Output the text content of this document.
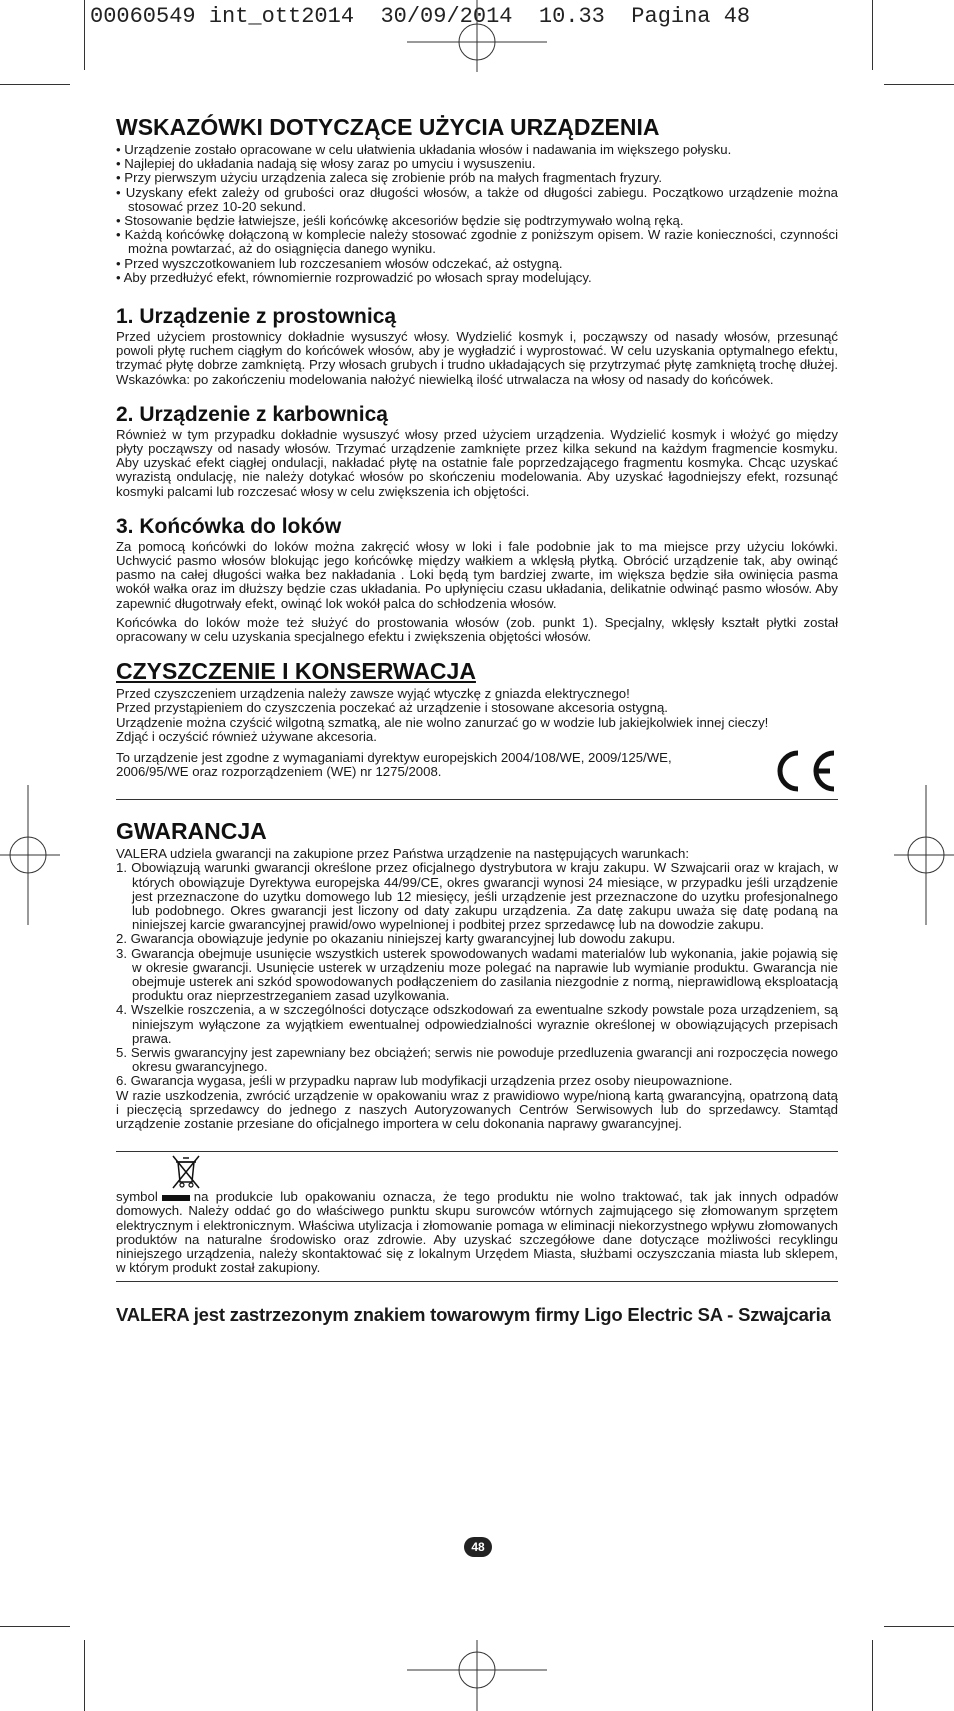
00060549 int_ott2014  30/09/2014  10.33  Pagina 48
WSKAZÓWKI DOTYCZĄCE UŻYCIA URZĄDZENIA
• Urządzenie zostało opracowane w celu ułatwienia układania włosów i nadawania im większego połysku.
• Najlepiej do układania nadają się włosy zaraz po umyciu i wysuszeniu.
• Przy pierwszym użyciu urządzenia zaleca się zrobienie prób na małych fragmentach fryzury.
• Uzyskany efekt zależy od grubości oraz długości włosów, a także od długości zabiegu. Początkowo urządzenie można stosować przez 10-20 sekund.
• Stosowanie będzie łatwiejsze, jeśli końcówkę akcesoriów będzie się podtrzymywało wolną ręką.
• Każdą końcówkę dołączoną w komplecie należy stosować zgodnie z poniższym opisem. W razie konieczności, czynności można powtarzać, aż do osiągnięcia danego wyniku.
• Przed wyszczotkowaniem lub rozczesaniem włosów odczekać, aż ostygną.
• Aby przedłużyć efekt, równomiernie rozprowadzić po włosach spray modelujący.
1. Urządzenie z prostownicą

Przed użyciem prostownicy dokładnie wysuszyć włosy. Wydzielić kosmyk i, począwszy od nasady włosów, przesunąć powoli płytę ruchem ciągłym do końcówek włosów, aby je wygładzić i wyprostować. W celu uzyskania optymalnego efektu, trzymać płytę dobrze zamkniętą. Przy włosach grubych i trudno układających się przytrzymać płytę zamkniętą trochę dłużej. Wskazówka: po zakończeniu modelowania nałożyć niewielką ilość utrwalacza na włosy od nasady do końcówek.

2. Urządzenie z karbownicą

Również w tym przypadku dokładnie wysuszyć włosy przed użyciem urządzenia. Wydzielić kosmyk i włożyć go między płyty począwszy od nasady włosów. Trzymać urządzenie zamknięte przez kilka sekund na każdym fragmencie kosmyku. Aby uzyskać efekt ciągłej ondulacji, nakładać płytę na ostatnie fale poprzedzającego fragmentu kosmyka. Chcąc uzyskać wyrazistą ondulację, nie należy dotykać włosów po skończeniu modelowania. Aby uzyskać łagodniejszy efekt, rozsunąć kosmyki palcami lub rozczesać włosy w celu zwiększenia ich objętości.

3. Końcówka do loków

Za pomocą końcówki do loków można zakręcić włosy w loki i fale podobnie jak to ma miejsce przy użyciu lokówki. Uchwycić pasmo włosów blokując jego końcówkę między wałkiem a wklęsłą płytką. Obrócić urządzenie tak, aby owinąć pasmo na całej długości wałka bez nakładania . Loki będą tym bardziej zwarte, im większa będzie siła owinięcia pasma wokół wałka oraz im dłuższy będzie czas układania. Po upłynięciu czasu układania, delikatnie odwinąć pasmo włosów. Aby zapewnić długotrwały efekt, owinąć lok wokół palca do schłodzenia włosów.

Końcówka do loków może też służyć do prostowania włosów (zob. punkt 1). Specjalny, wklęsły kształt płytki został opracowany w celu uzyskania specjalnego efektu i zwiększenia objętości włosów.

CZYSZCZENIE I KONSERWACJA

Przed czyszczeniem urządzenia należy zawsze wyjąć wtyczkę z gniazda elektrycznego!

Przed przystąpieniem do czyszczenia poczekać aż urządzenie i stosowane akcesoria ostygną.

Urządzenie można czyścić wilgotną szmatką, ale nie wolno zanurzać go w wodzie lub jakiejkolwiek innej cieczy!

Zdjąć i oczyścić również używane akcesoria.

To urządzenie jest zgodne z wymaganiami dyrektyw europejskich 2004/108/WE, 2009/125/WE, 2006/95/WE oraz rozporządzeniem (WE) nr 1275/2008.

GWARANCJA

VALERA udziela gwarancji na zakupione przez Państwa urządzenie na następujących warunkach:

1. Obowiązują warunki gwarancji określone przez oficjalnego dystrybutora w kraju zakupu. W Szwajcarii oraz w krajach, w których obowiązuje Dyrektywa europejska 44/99/CE, okres gwarancji wynosi 24 miesiące, w przypadku jeśli urządzenie jest przeznaczone do uzytku domowego lub 12 miesięcy, jeśli urządzenie jest przeznaczone do uzytku profesjonalnego lub podobnego. Okres gwarancji jest liczony od daty zakupu urządzenia. Za datę zakupu uważa się datę podaną na niniejszej karcie gwarancyjnej prawid/owo wypelnionej i podbitej przez sprzedawcę lub na dowodzie zakupu.
2. Gwarancja obowiązuje jedynie po okazaniu niniejszej karty gwarancyjnej lub dowodu zakupu.
3. Gwarancja obejmuje usunięcie wszystkich usterek spowodowanych wadami materialów lub wykonania, jakie pojawią się w okresie gwarancji. Usunięcie usterek w urządzeniu moze polegać na naprawie lub wymianie produktu. Gwarancja nie obejmuje usterek ani szkód spowodowanych podłączeniem do zasilania niezgodnie z normą, nieprawidlową eksploatacją produktu oraz nieprzestrzeganiem zasad uzylkowania.
4. Wszelkie roszczenia, a w szczególności dotyczące odszkodowań za ewentualne szkody powstale poza urządzeniem, są niniejszym wyłączone za wyjątkiem ewentualnej odpowiedzialności wyraznie określonej w obowiązujących przepisach prawa.
5. Serwis gwarancyjny jest zapewniany bez obciążeń; serwis nie powoduje przedluzenia gwarancji ani rozpoczęcia nowego okresu gwarancyjnego.
6. Gwarancja wygasa, jeśli w przypadku napraw lub modyfikacji urządzenia przez osoby nieupowaznione.

W razie uszkodzenia, zwrócić urządzenie w opakowaniu wraz z prawidiowo wype/nioną kartą gwarancyjną, opatrzoną datą i pieczęcią sprzedawcy do jednego z naszych Autoryzowanych Centrów Serwisowych lub do sprzedawcy. Stamtąd urządzenie zostanie przesiane do oficjalnego importera w celu dokonania naprawy gwarancyjnej.

symbol	na produkcie lub opakowaniu oznacza, że tego produktu nie wolno traktować, tak jak innych odpadów domowych. Należy oddać go do właściwego punktu skupu surowców wtórnych zajmującego się złomowanym sprzętem elektrycznym i elektronicznym. Właściwa utylizacja i złomowanie pomaga w eliminacji niekorzystnego wpływu złomowanych produktów na naturalne środowisko oraz zdrowie. Aby uzyskać szczegółowe dane dotyczące możliwości recyklingu niniejszego urządzenia, należy skontaktować się z lokalnym Urzędem Miasta, służbami oczyszczania miasta lub sklepem, w którym produkt został zakupiony.

VALERA jest zastrzezonym znakiem towarowym firmy Ligo Electric SA - Szwajcaria
48
